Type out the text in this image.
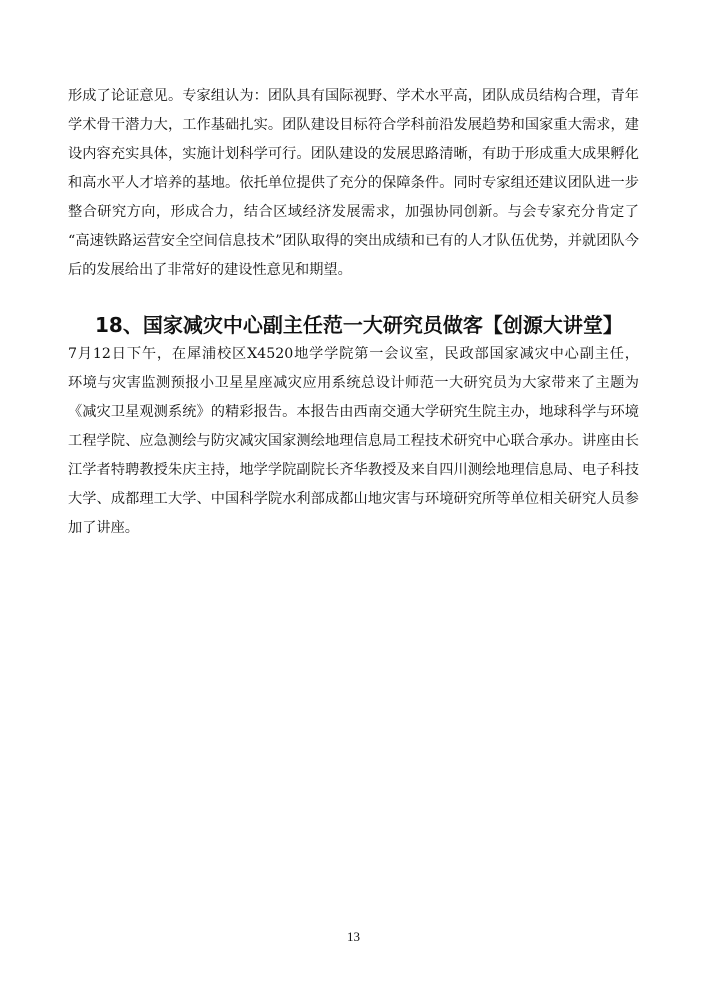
形成了论证意见。专家组认为：团队具有国际视野、学术水平高，团队成员结构合理，青年
学术骨干潜力大，工作基础扎实。团队建设目标符合学科前沿发展趋势和国家重大需求，建
设内容充实具体，实施计划科学可行。团队建设的发展思路清晰，有助于形成重大成果孵化
和高水平人才培养的基地。依托单位提供了充分的保障条件。同时专家组还建议团队进一步
整合研究方向，形成合力，结合区域经济发展需求，加强协同创新。与会专家充分肯定了
“高速铁路运营安全空间信息技术”团队取得的突出成绩和已有的人才队伍优势，并就团队今
后的发展给出了非常好的建设性意见和期望。
18、国家减灾中心副主任范一大研究员做客【创源大讲堂】
7月12日下午，在犀浦校区X4520地学学院第一会议室，民政部国家减灾中心副主任，
环境与灾害监测预报小卫星星座减灾应用系统总设计师范一大研究员为大家带来了主题为
《减灾卫星观测系统》的精彩报告。本报告由西南交通大学研究生院主办，地球科学与环境
工程学院、应急测绘与防灾减灾国家测绘地理信息局工程技术研究中心联合承办。讲座由长
江学者特聘教授朱庆主持，地学学院副院长齐华教授及来自四川测绘地理信息局、电子科技
大学、成都理工大学、中国科学院水利部成都山地灾害与环境研究所等单位相关研究人员参
加了讲座。
13
